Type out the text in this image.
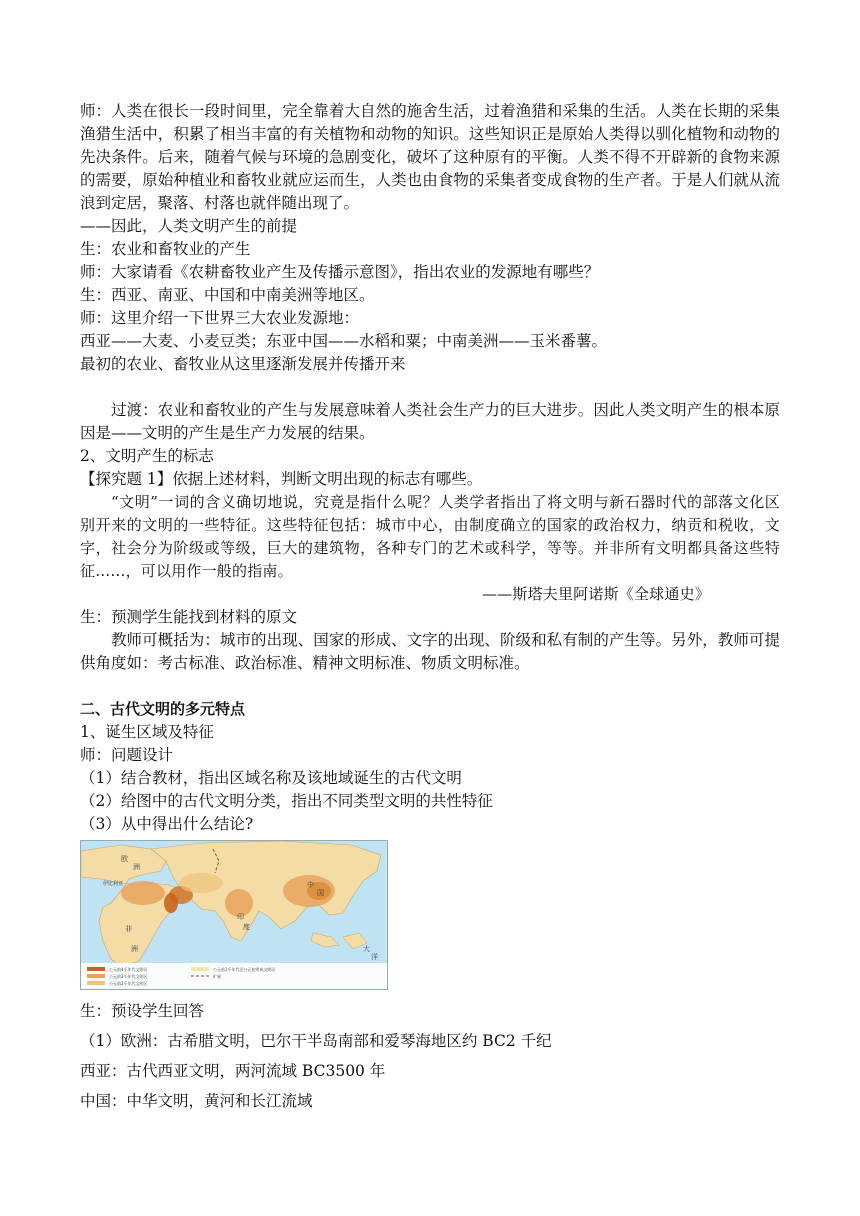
师：人类在很长一段时间里，完全靠着大自然的施舍生活，过着渔猎和采集的生活。人类在长期的采集渔猎生活中，积累了相当丰富的有关植物和动物的知识。这些知识正是原始人类得以驯化植物和动物的先决条件。后来，随着气候与环境的急剧变化，破坏了这种原有的平衡。人类不得不开辟新的食物来源的需要，原始种植业和畜牧业就应运而生，人类也由食物的采集者变成食物的生产者。于是人们就从流浪到定居，聚落、村落也就伴随出现了。

——因此，人类文明产生的前提

生：农业和畜牧业的产生

师：大家请看《农耕畜牧业产生及传播示意图》，指出农业的发源地有哪些？

生：西亚、南亚、中国和中南美洲等地区。

师：这里介绍一下世界三大农业发源地：

西亚——大麦、小麦豆类；东亚中国——水稻和粟；中南美洲——玉米番薯。

最初的农业、畜牧业从这里逐渐发展并传播开来

过渡：农业和畜牧业的产生与发展意味着人类社会生产力的巨大进步。因此人类文明产生的根本原因是——文明的产生是生产力发展的结果。

2、文明产生的标志

【探究题 1】依据上述材料，判断文明出现的标志有哪些。

“文明”一词的含义确切地说，究竟是指什么呢？人类学者指出了将文明与新石器时代的部落文化区别开来的文明的一些特征。这些特征包括：城市中心，由制度确立的国家的政治权力，纳贡和税收，文字，社会分为阶级或等级，巨大的建筑物，各种专门的艺术或科学，等等。并非所有文明都具备这些特征……，可以用作一般的指南。

——斯塔夫里阿诺斯《全球通史》

生：预测学生能找到材料的原文

教师可概括为：城市的出现、国家的形成、文字的出现、阶级和私有制的产生等。另外，教师可提供角度如：考古标准、政治标准、精神文明标准、物质文明标准。

二、古代文明的多元特点

1、诞生区域及特征

师：问题设计

（1）结合教材，指出区域名称及该地域诞生的古代文明

（2）给图中的古代文明分类，指出不同类型文明的共性特征

（3）从中得出什么结论?

欧
洲
伊比利亚
非
洲
印
度
中
国
大
洋
公元前4千年代文明区
公元前3千年代文明区
公元前2千年代文明区
公元前1千年代至公元初形成文明区
扩展

生：预设学生回答

（1）欧洲：古希腊文明，巴尔干半岛南部和爱琴海地区约 BC2 千纪

西亚：古代西亚文明，两河流域 BC3500 年

中国：中华文明，黄河和长江流域
